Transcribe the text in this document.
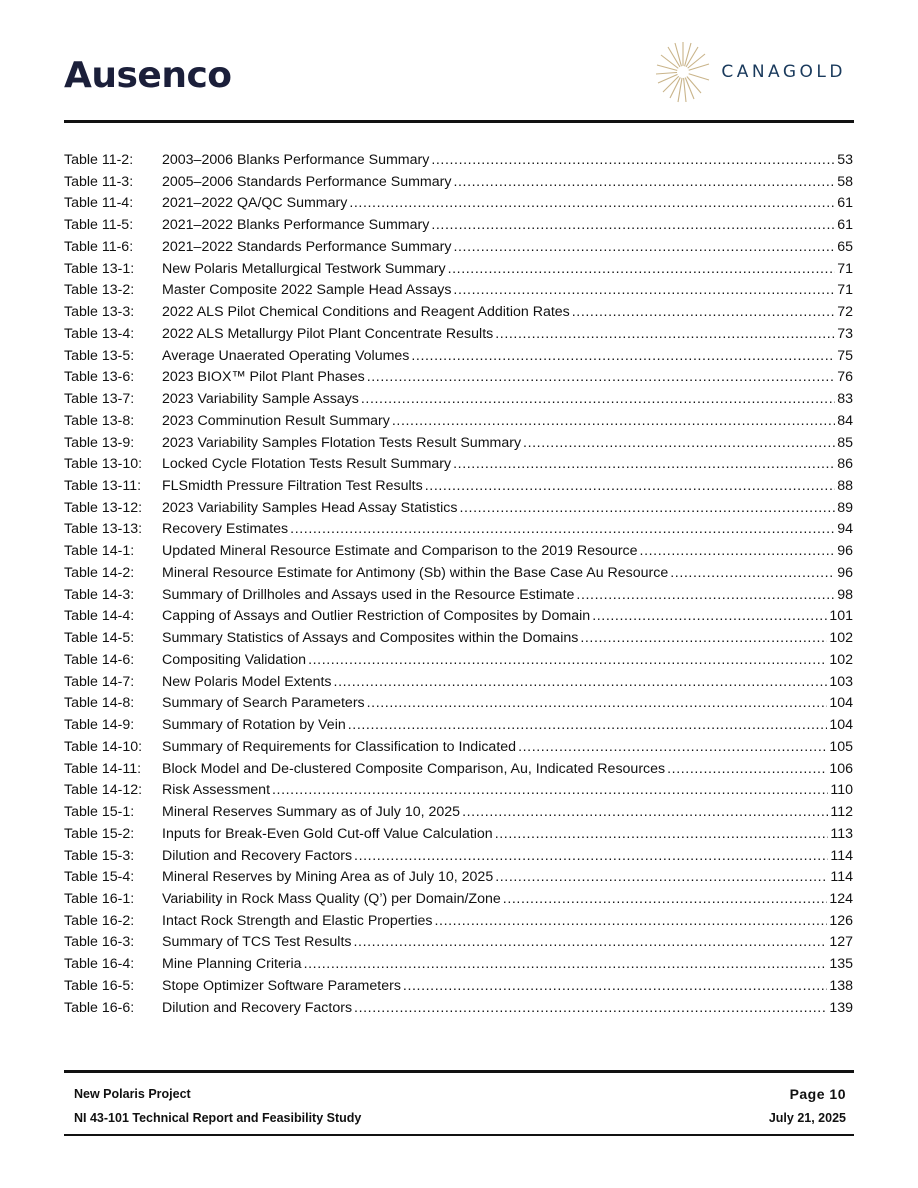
Ausenco	CANAGOLD
Table 11-2:	2003–2006 Blanks Performance Summary .....	53
Table 11-3:	2005–2006 Standards Performance Summary .....	58
Table 11-4:	2021–2022 QA/QC Summary .....	61
Table 11-5:	2021–2022 Blanks Performance Summary .....	61
Table 11-6:	2021–2022 Standards Performance Summary .....	65
Table 13-1:	New Polaris Metallurgical Testwork Summary .....	71
Table 13-2:	Master Composite 2022 Sample Head Assays .....	71
Table 13-3:	2022 ALS Pilot Chemical Conditions and Reagent Addition Rates .....	72
Table 13-4:	2022 ALS Metallurgy Pilot Plant Concentrate Results .....	73
Table 13-5:	Average Unaerated Operating Volumes .....	75
Table 13-6:	2023 BIOX™ Pilot Plant Phases .....	76
Table 13-7:	2023 Variability Sample Assays .....	83
Table 13-8:	2023 Comminution Result Summary .....	84
Table 13-9:	2023 Variability Samples Flotation Tests Result Summary .....	85
Table 13-10:	Locked Cycle Flotation Tests Result Summary .....	86
Table 13-11:	FLSmidth Pressure Filtration Test Results .....	88
Table 13-12:	2023 Variability Samples Head Assay Statistics .....	89
Table 13-13:	Recovery Estimates .....	94
Table 14-1:	Updated Mineral Resource Estimate and Comparison to the 2019 Resource .....	96
Table 14-2:	Mineral Resource Estimate for Antimony (Sb) within the Base Case Au Resource .....	96
Table 14-3:	Summary of Drillholes and Assays used in the Resource Estimate .....	98
Table 14-4:	Capping of Assays and Outlier Restriction of Composites by Domain .....	101
Table 14-5:	Summary Statistics of Assays and Composites within the Domains .....	102
Table 14-6:	Compositing Validation .....	102
Table 14-7:	New Polaris Model Extents .....	103
Table 14-8:	Summary of Search Parameters .....	104
Table 14-9:	Summary of Rotation by Vein .....	104
Table 14-10:	Summary of Requirements for Classification to Indicated .....	105
Table 14-11:	Block Model and De-clustered Composite Comparison, Au, Indicated Resources .....	106
Table 14-12:	Risk Assessment .....	110
Table 15-1:	Mineral Reserves Summary as of July 10, 2025 .....	112
Table 15-2:	Inputs for Break-Even Gold Cut-off Value Calculation .....	113
Table 15-3:	Dilution and Recovery Factors .....	114
Table 15-4:	Mineral Reserves by Mining Area as of July 10, 2025 .....	114
Table 16-1:	Variability in Rock Mass Quality (Q’) per Domain/Zone .....	124
Table 16-2:	Intact Rock Strength and Elastic Properties .....	126
Table 16-3:	Summary of TCS Test Results .....	127
Table 16-4:	Mine Planning Criteria .....	135
Table 16-5:	Stope Optimizer Software Parameters .....	138
Table 16-6:	Dilution and Recovery Factors .....	139
New Polaris Project	Page 10
NI 43-101 Technical Report and Feasibility Study	July 21, 2025
